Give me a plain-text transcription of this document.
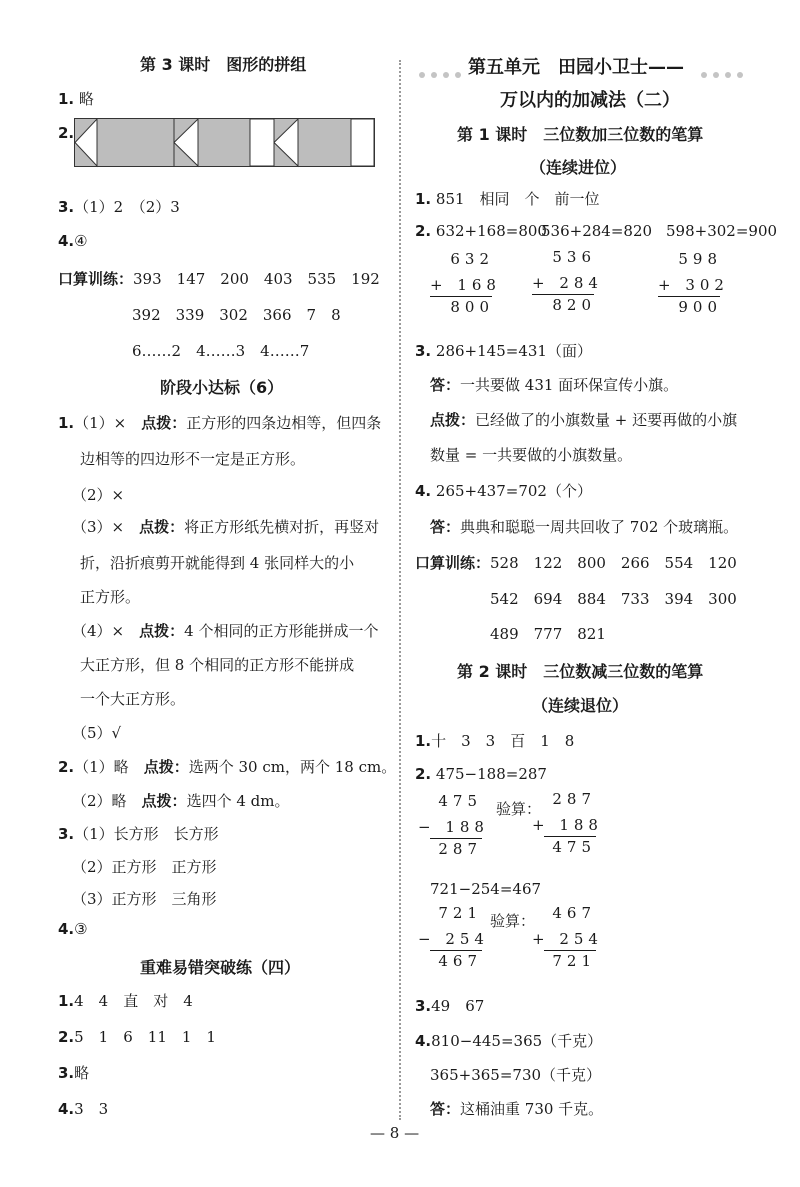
第 3 课时　图形的拼组
1. 略
2.
3.（1）2　（2）3
4.④
口算训练：393　147　200　403　535　192
392　339　302　366　7　8
6……2　4……3　4……7
阶段小达标（6）
1.（1）×　点拨：正方形的四条边相等，但四条
边相等的四边形不一定是正方形。
（2）×
（3）×　点拨：将正方形纸先横对折，再竖对
折，沿折痕剪开就能得到 4 张同样大的小
正方形。
（4）×　点拨：4 个相同的正方形能拼成一个
大正方形，但 8 个相同的正方形不能拼成
一个大正方形。
（5）√
2.（1）略　点拨：选两个 30 cm，两个 18 cm。
（2）略　点拨：选四个 4 dm。
3.（1）长方形　长方形
（2）正方形　正方形
（3）正方形　三角形
4.③
重难易错突破练（四）
1.4　4　直　对　4
2.5　1　6　11　1　1
3.略
4.3　3
第五单元　田园小卫士——
万以内的加减法（二）
第 1 课时　三位数加三位数的笔算
（连续进位）
1. 851　相同　个　前一位
2. 632+168=800
536+284=820 598+302=900
632
+ 168
800
536
+ 284
820
598
+ 302
900
3. 286+145=431（面）
答：一共要做 431 面环保宣传小旗。
点拨：已经做了的小旗数量 + 还要再做的小旗
数量 = 一共要做的小旗数量。
4. 265+437=702（个）
答：典典和聪聪一周共回收了 702 个玻璃瓶。
口算训练：528　122　800　266　554　120
542　694　884　733　394　300
489　777　821
第 2 课时　三位数减三位数的笔算
（连续退位）
1.十　3　3　百　1　8
2. 475−188=287
475
− 188
287
验算：
287
+ 188
475
721−254=467
721
− 254
467
验算：	467
+ 254
721
3.49　67
4.810−445=365（千克）
365+365=730（千克）
答：这桶油重 730 千克。
— 8 —
